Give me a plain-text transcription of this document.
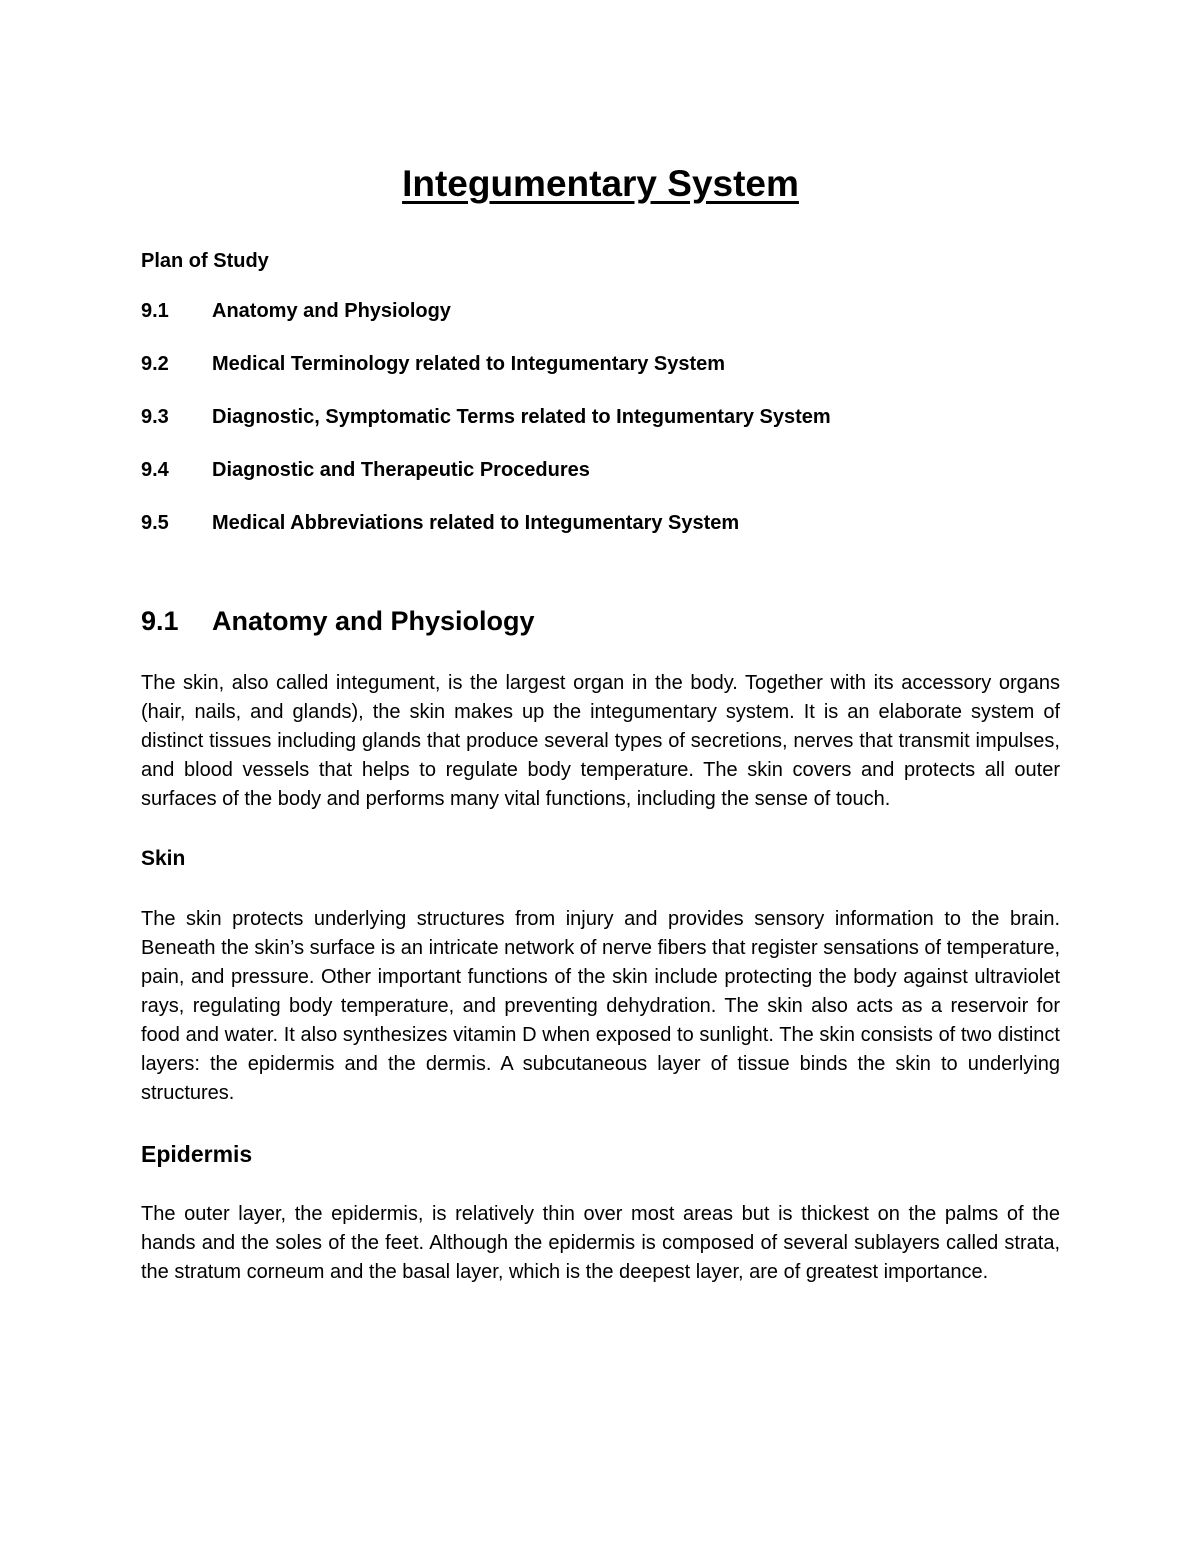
Integumentary System

Plan of Study

9.1	Anatomy and Physiology
9.2	Medical Terminology related to Integumentary System
9.3	Diagnostic, Symptomatic Terms related to Integumentary System
9.4	Diagnostic and Therapeutic Procedures
9.5	Medical Abbreviations related to Integumentary System
9.1	Anatomy and Physiology

The skin, also called integument, is the largest organ in the body. Together with its accessory organs (hair, nails, and glands), the skin makes up the integumentary system. It is an elaborate system of distinct tissues including glands that produce several types of secretions, nerves that transmit impulses, and blood vessels that helps to regulate body temperature. The skin covers and protects all outer surfaces of the body and performs many vital functions, including the sense of touch.

Skin

The skin protects underlying structures from injury and provides sensory information to the brain. Beneath the skin’s surface is an intricate network of nerve fibers that register sensations of temperature, pain, and pressure. Other important functions of the skin include protecting the body against ultraviolet rays, regulating body temperature, and preventing dehydration. The skin also acts as a reservoir for food and water. It also synthesizes vitamin D when exposed to sunlight. The skin consists of two distinct layers: the epidermis and the dermis. A subcutaneous layer of tissue binds the skin to underlying structures.

Epidermis

The outer layer, the epidermis, is relatively thin over most areas but is thickest on the palms of the hands and the soles of the feet. Although the epidermis is composed of several sublayers called strata, the stratum corneum and the basal layer, which is the deepest layer, are of greatest importance.
